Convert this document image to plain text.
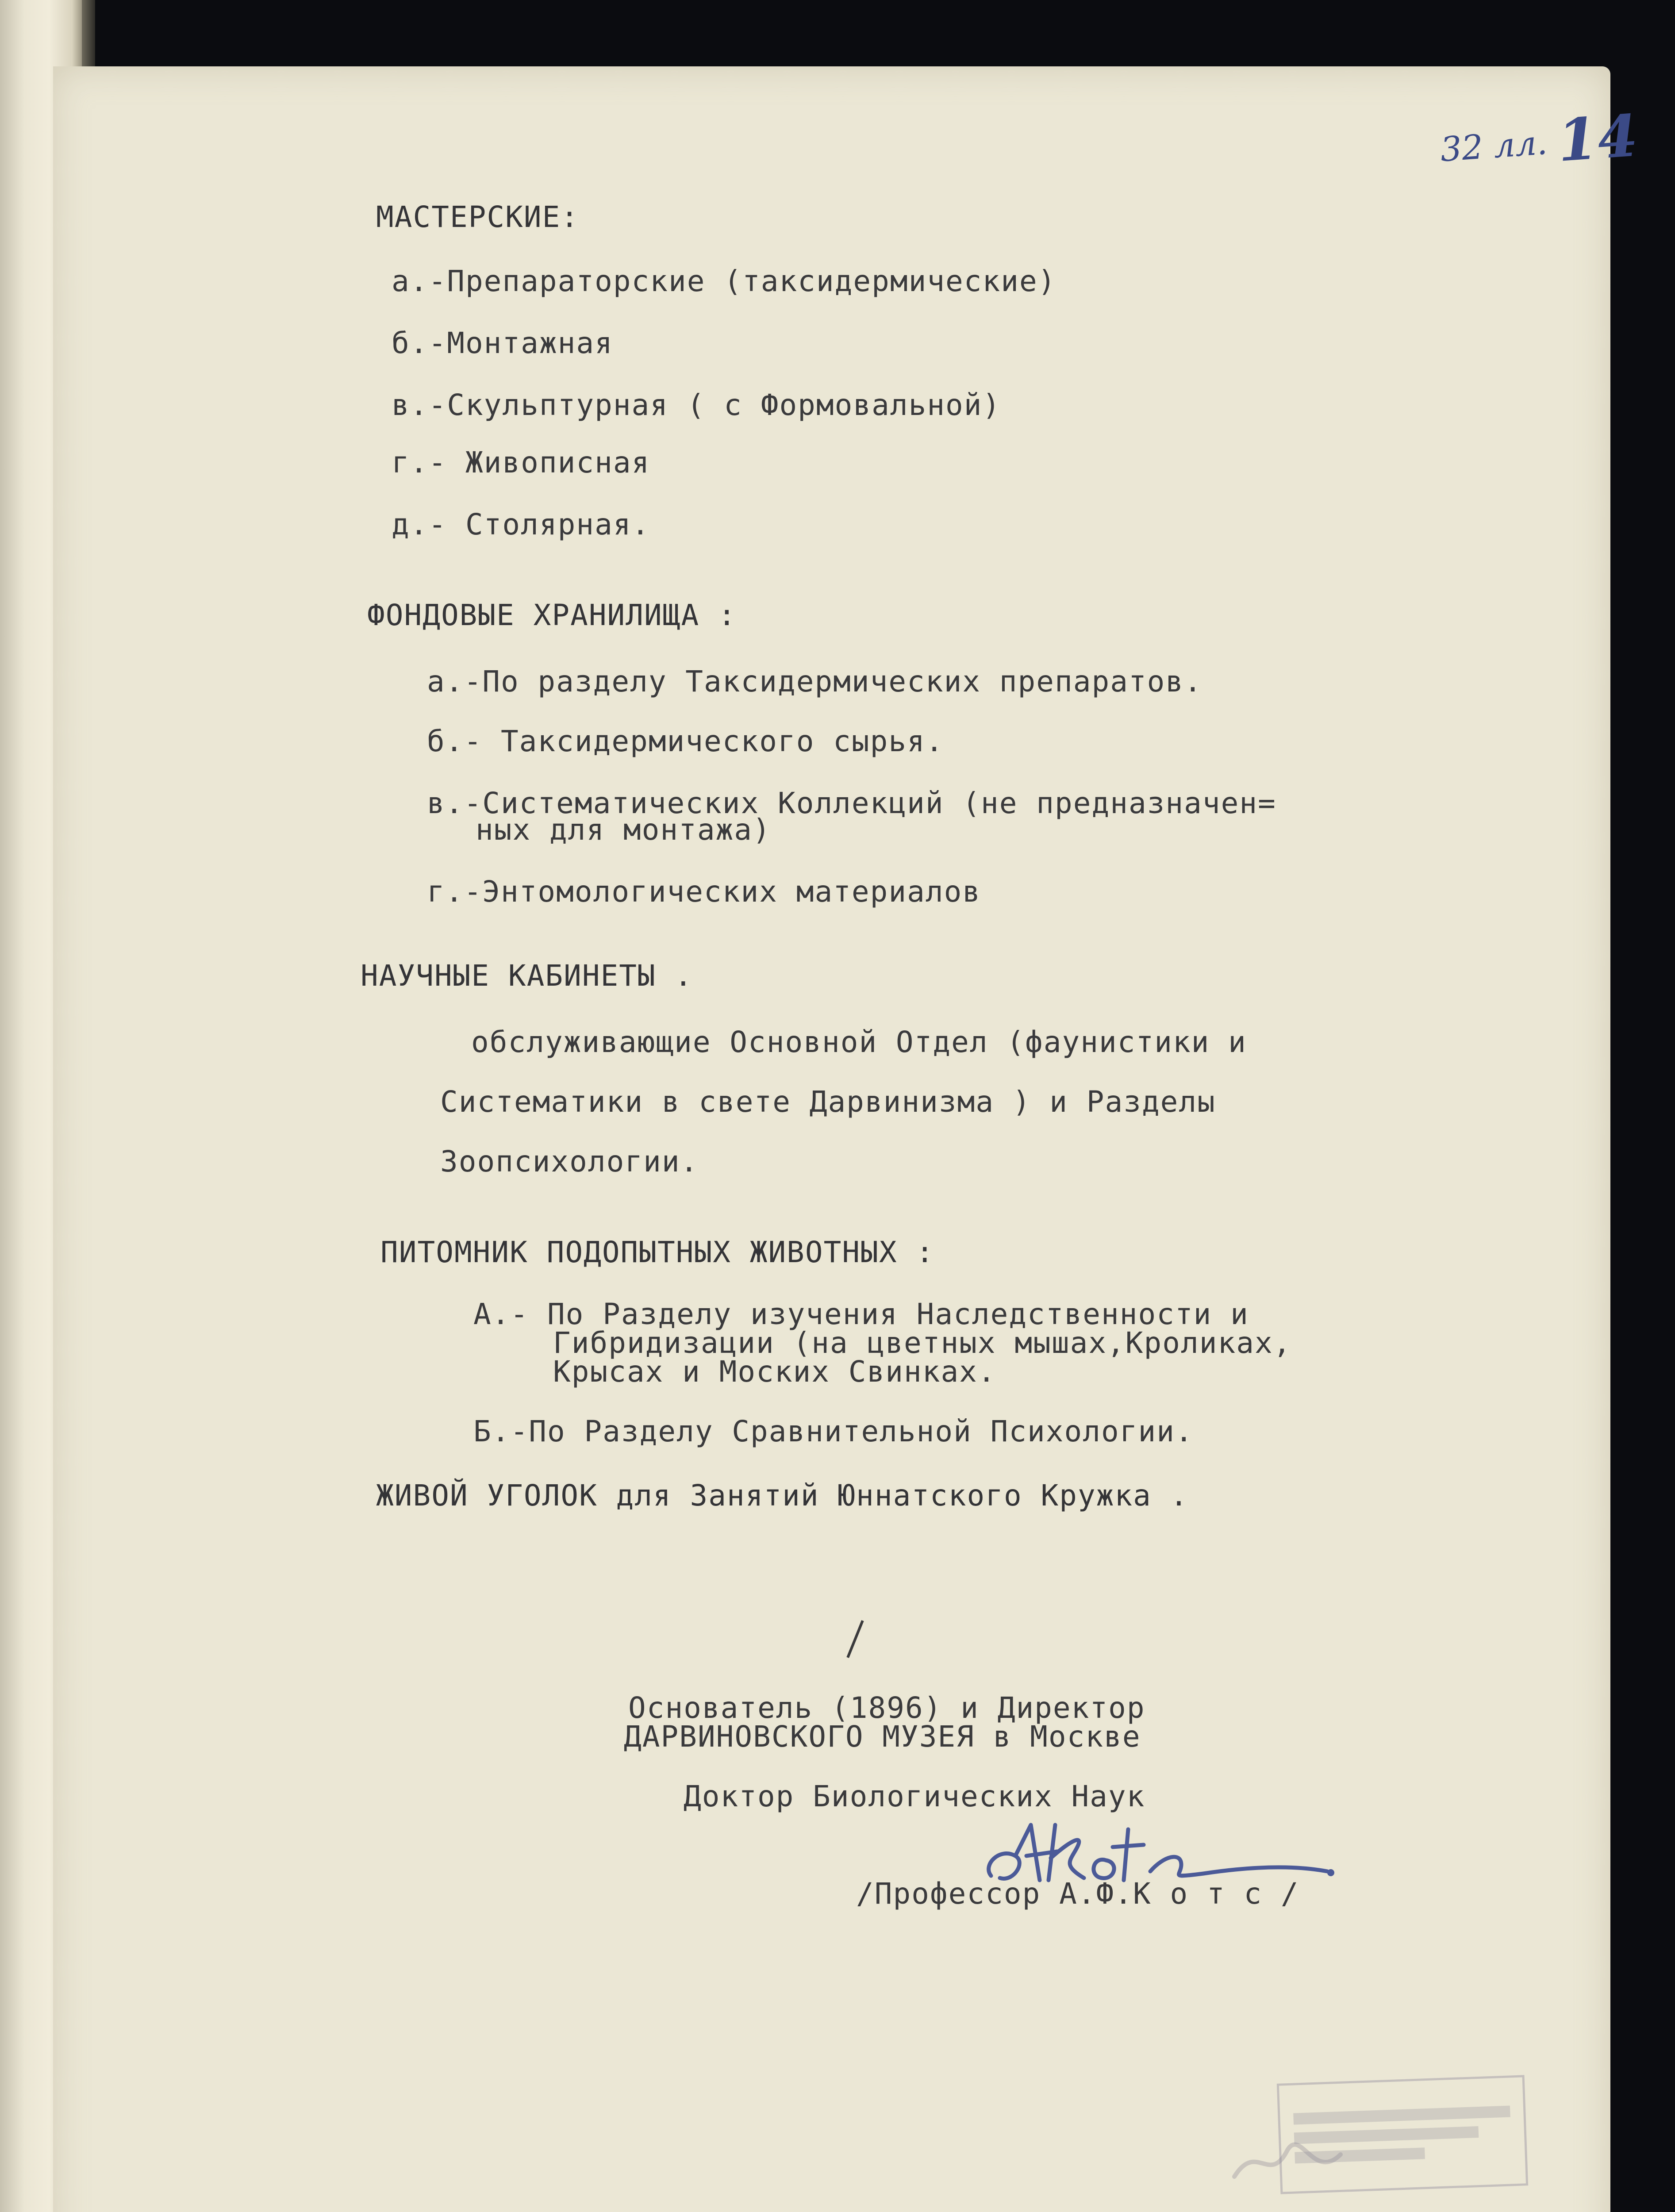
32 лл. 14
МАСТЕРСКИЕ:
а.-Препараторские (таксидермические)
б.-Монтажная
в.-Скульптурная ( с Формовальной)
г.- Живописная
д.- Столярная.
ФОНДОВЫЕ ХРАНИЛИЩА :
а.-По разделу Таксидермических препаратов.
б.- Таксидермического сырья.
в.-Систематических Коллекций (не предназначен=
ных для монтажа)
г.-Энтомологических материалов
НАУЧНЫЕ КАБИНЕТЫ .
обслуживающие Основной Отдел (фаунистики и
Систематики в свете Дарвинизма ) и Разделы
Зоопсихологии.
ПИТОМНИК ПОДОПЫТНЫХ ЖИВОТНЫХ :
А.- По Разделу изучения Наследственности и
Гибридизации (на цветных мышах,Кроликах,
Крысах и Моских Свинках.
Б.-По Разделу Сравнительной Психологии.
ЖИВОЙ УГОЛОК для Занятий Юннатского Кружка .
Основатель (1896) и Директор
ДАРВИНОВСКОГО МУЗЕЯ в Москве
Доктор Биологических Наук
/Профессор А.Ф.К о т с /
